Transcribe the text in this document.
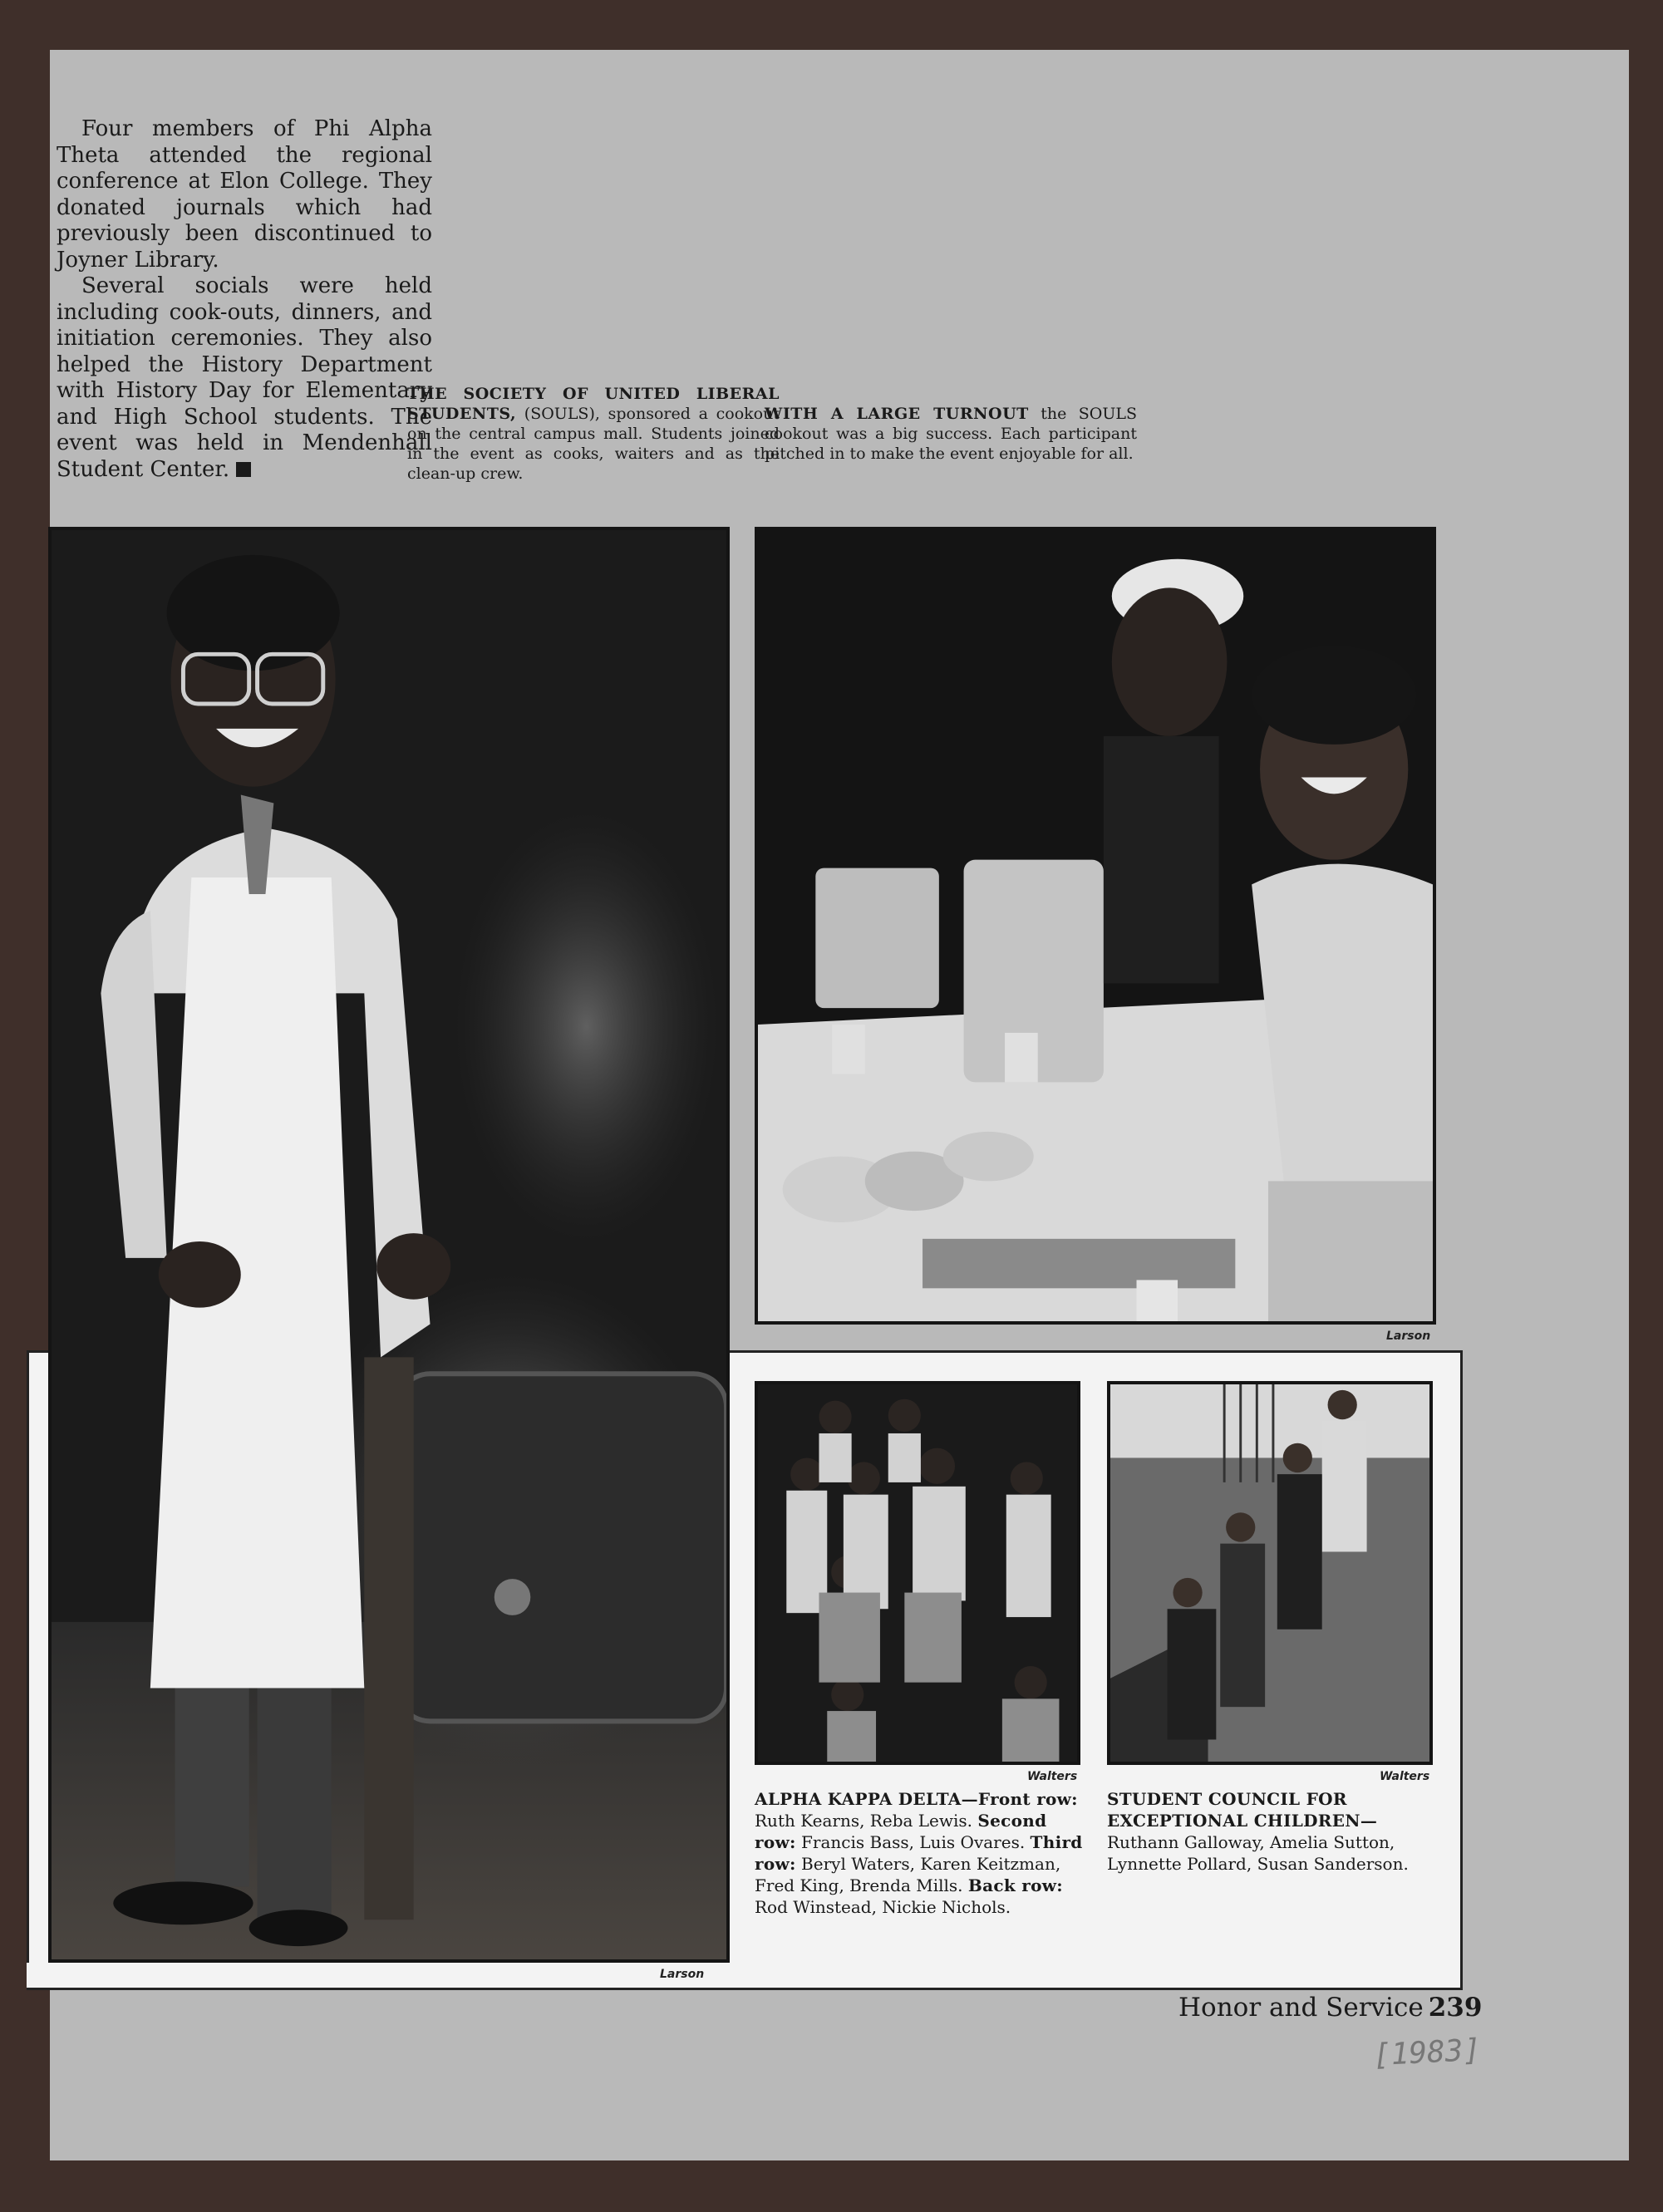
Four members of Phi Alpha Theta attended the regional conference at Elon College. They donated journals which had previously been discontinued to Joyner Library.

Several socials were held including cook-outs, dinners, and initiation ceremonies. They also helped the History Department with History Day for Elementary and High School students. The event was held in Mendenhall Student Center.

THE SOCIETY OF UNITED LIBERAL STUDENTS, (SOULS), sponsored a cookout on the central campus mall. Students joined in the event as cooks, waiters and as the clean-up crew.

WITH A LARGE TURNOUT the SOULS cookout was a big success. Each participant pitched in to make the event enjoyable for all.

Larson
Larson
Walters	Walters

ALPHA KAPPA DELTA—Front row: Ruth Kearns, Reba Lewis. Second row: Francis Bass, Luis Ovares. Third row: Beryl Waters, Karen Keitzman, Fred King, Brenda Mills. Back row: Rod Winstead, Nickie Nichols.

STUDENT COUNCIL FOR EXCEPTIONAL CHILDREN—Ruthann Galloway, Amelia Sutton, Lynnette Pollard, Susan Sanderson.

Honor and Service 239
[1983]
